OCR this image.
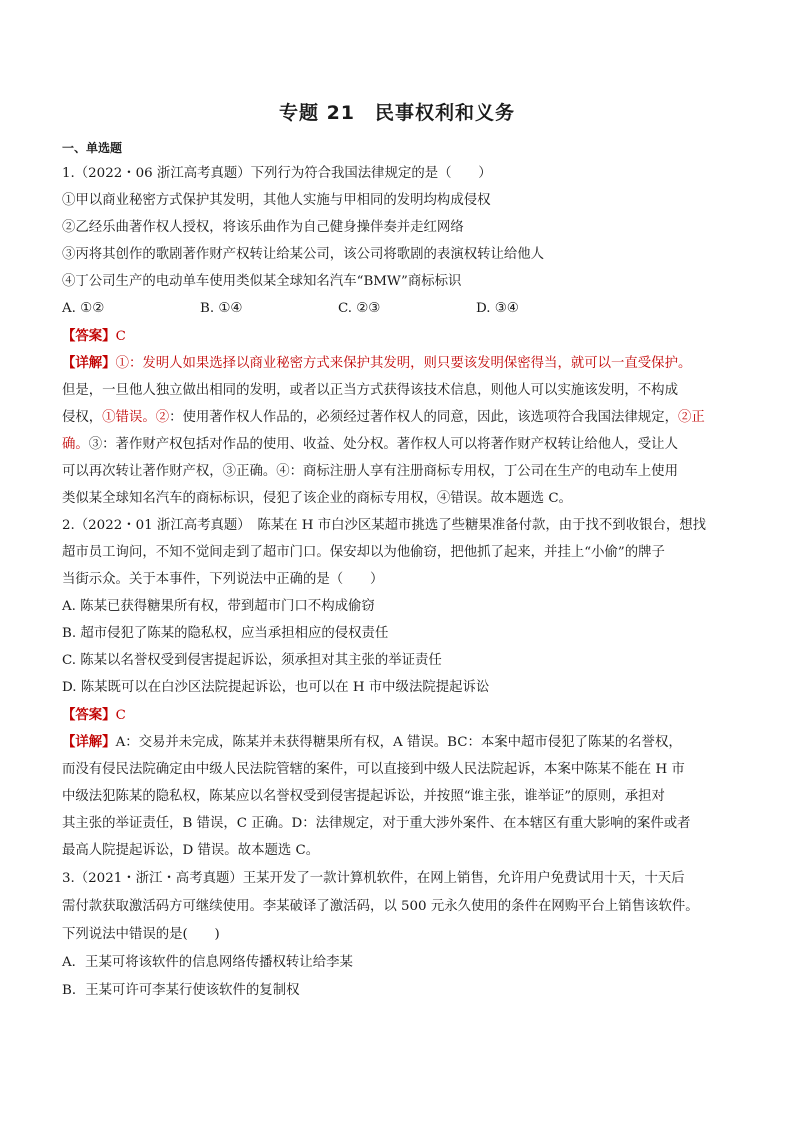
专题 21　民事权利和义务
一、单选题
1.（2022・06 浙江高考真题）下列行为符合我国法律规定的是（　　）
①甲以商业秘密方式保护其发明，其他人实施与甲相同的发明均构成侵权
②乙经乐曲著作权人授权，将该乐曲作为自己健身操伴奏并走红网络
③丙将其创作的歌剧著作财产权转让给某公司，该公司将歌剧的表演权转让给他人
④丁公司生产的电动单车使用类似某全球知名汽车“BMW”商标标识
A. ①②	B. ①④	C. ②③	D. ③④
【答案】C
【详解】①：发明人如果选择以商业秘密方式来保护其发明，则只要该发明保密得当，就可以一直受保护。
但是，一旦他人独立做出相同的发明，或者以正当方式获得该技术信息，则他人可以实施该发明，不构成
侵权，①错误。②：使用著作权人作品的，必须经过著作权人的同意，因此，该选项符合我国法律规定，②正
确。③：著作财产权包括对作品的使用、收益、处分权。著作权人可以将著作财产权转让给他人，受让人
可以再次转让著作财产权，③正确。④：商标注册人享有注册商标专用权，丁公司在生产的电动车上使用
类似某全球知名汽车的商标标识，侵犯了该企业的商标专用权，④错误。故本题选 C。
2.（2022・01 浙江高考真题）　陈某在 H 市白沙区某超市挑选了些糖果准备付款，由于找不到收银台，想找
超市员工询问，不知不觉间走到了超市门口。保安却以为他偷窃，把他抓了起来，并挂上“小偷”的牌子
当街示众。关于本事件，下列说法中正确的是（　　）
A. 陈某已获得糖果所有权，带到超市门口不构成偷窃
B. 超市侵犯了陈某的隐私权，应当承担相应的侵权责任
C. 陈某以名誉权受到侵害提起诉讼，须承担对其主张的举证责任
D. 陈某既可以在白沙区法院提起诉讼，也可以在 H 市中级法院提起诉讼
【答案】C
【详解】A：交易并未完成，陈某并未获得糖果所有权，A 错误。BC：本案中超市侵犯了陈某的名誉权，
而没有侵民法院确定由中级人民法院管辖的案件，可以直接到中级人民法院起诉，本案中陈某不能在 H 市
中级法犯陈某的隐私权，陈某应以名誉权受到侵害提起诉讼，并按照“谁主张，谁举证”的原则，承担对
其主张的举证责任，B 错误，C 正确。D：法律规定，对于重大涉外案件、在本辖区有重大影响的案件或者
最高人院提起诉讼，D 错误。故本题选 C。
3.（2021・浙江・高考真题）王某开发了一款计算机软件，在网上销售，允许用户免费试用十天，十天后
需付款获取激活码方可继续使用。李某破译了激活码，以 500 元永久使用的条件在网购平台上销售该软件。
下列说法中错误的是(　　)
A．王某可将该软件的信息网络传播权转让给李某
B．王某可许可李某行使该软件的复制权
